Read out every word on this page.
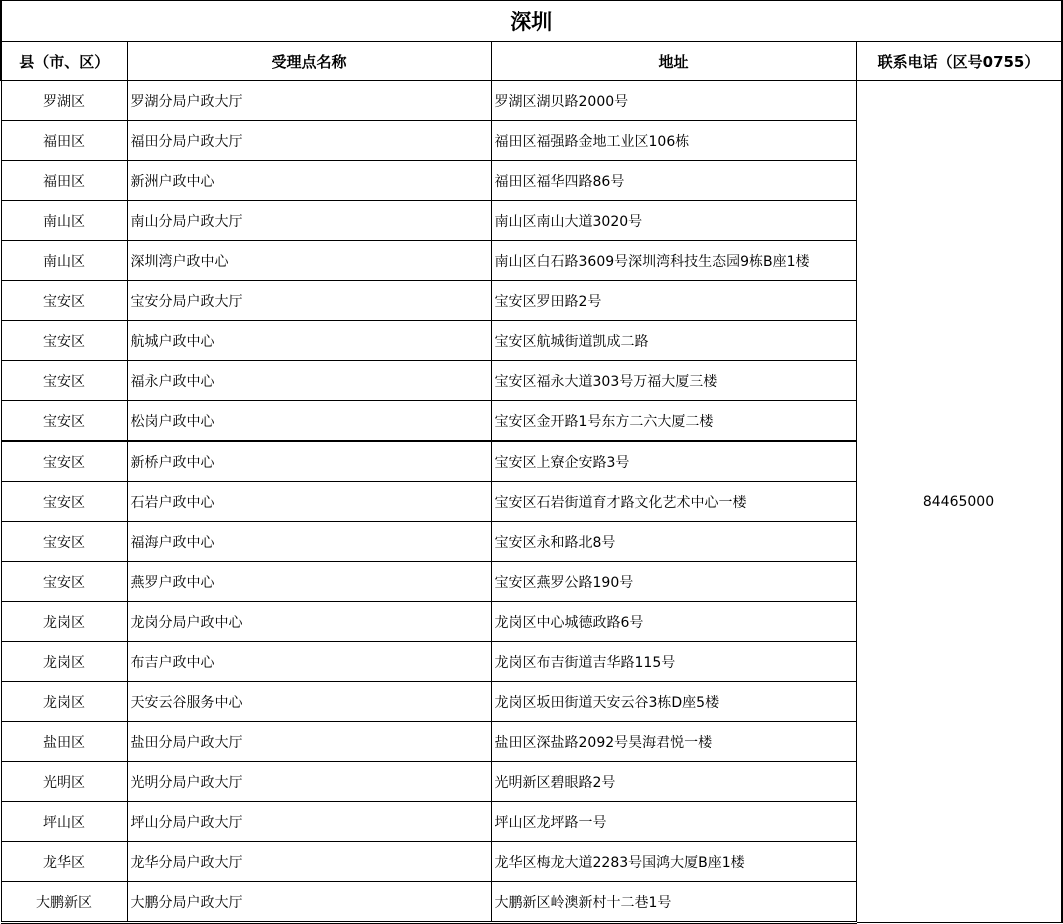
深圳			
县（市、区）	受理点名称	地址	联系电话（区号0755）
罗湖区	罗湖分局户政大厅	罗湖区湖贝路2000号	84465000
福田区	福田分局户政大厅	福田区福强路金地工业区106栋	
福田区	新洲户政中心	福田区福华四路86号	
南山区	南山分局户政大厅	南山区南山大道3020号	
南山区	深圳湾户政中心	南山区白石路3609号深圳湾科技生态园9栋B座1楼	
宝安区	宝安分局户政大厅	宝安区罗田路2号	
宝安区	航城户政中心	宝安区航城街道凯成二路	
宝安区	福永户政中心	宝安区福永大道303号万福大厦三楼	
宝安区	松岗户政中心	宝安区金开路1号东方二六大厦二楼	
宝安区	新桥户政中心	宝安区上寮企安路3号	
宝安区	石岩户政中心	宝安区石岩街道育才路文化艺术中心一楼	
宝安区	福海户政中心	宝安区永和路北8号	
宝安区	燕罗户政中心	宝安区燕罗公路190号	
龙岗区	龙岗分局户政中心	龙岗区中心城德政路6号	
龙岗区	布吉户政中心	龙岗区布吉街道吉华路115号	
龙岗区	天安云谷服务中心	龙岗区坂田街道天安云谷3栋D座5楼	
盐田区	盐田分局户政大厅	盐田区深盐路2092号昊海君悦一楼	
光明区	光明分局户政大厅	光明新区碧眼路2号	
坪山区	坪山分局户政大厅	坪山区龙坪路一号	
龙华区	龙华分局户政大厅	龙华区梅龙大道2283号国鸿大厦B座1楼	
大鹏新区	大鹏分局户政大厅	大鹏新区岭澳新村十二巷1号	
